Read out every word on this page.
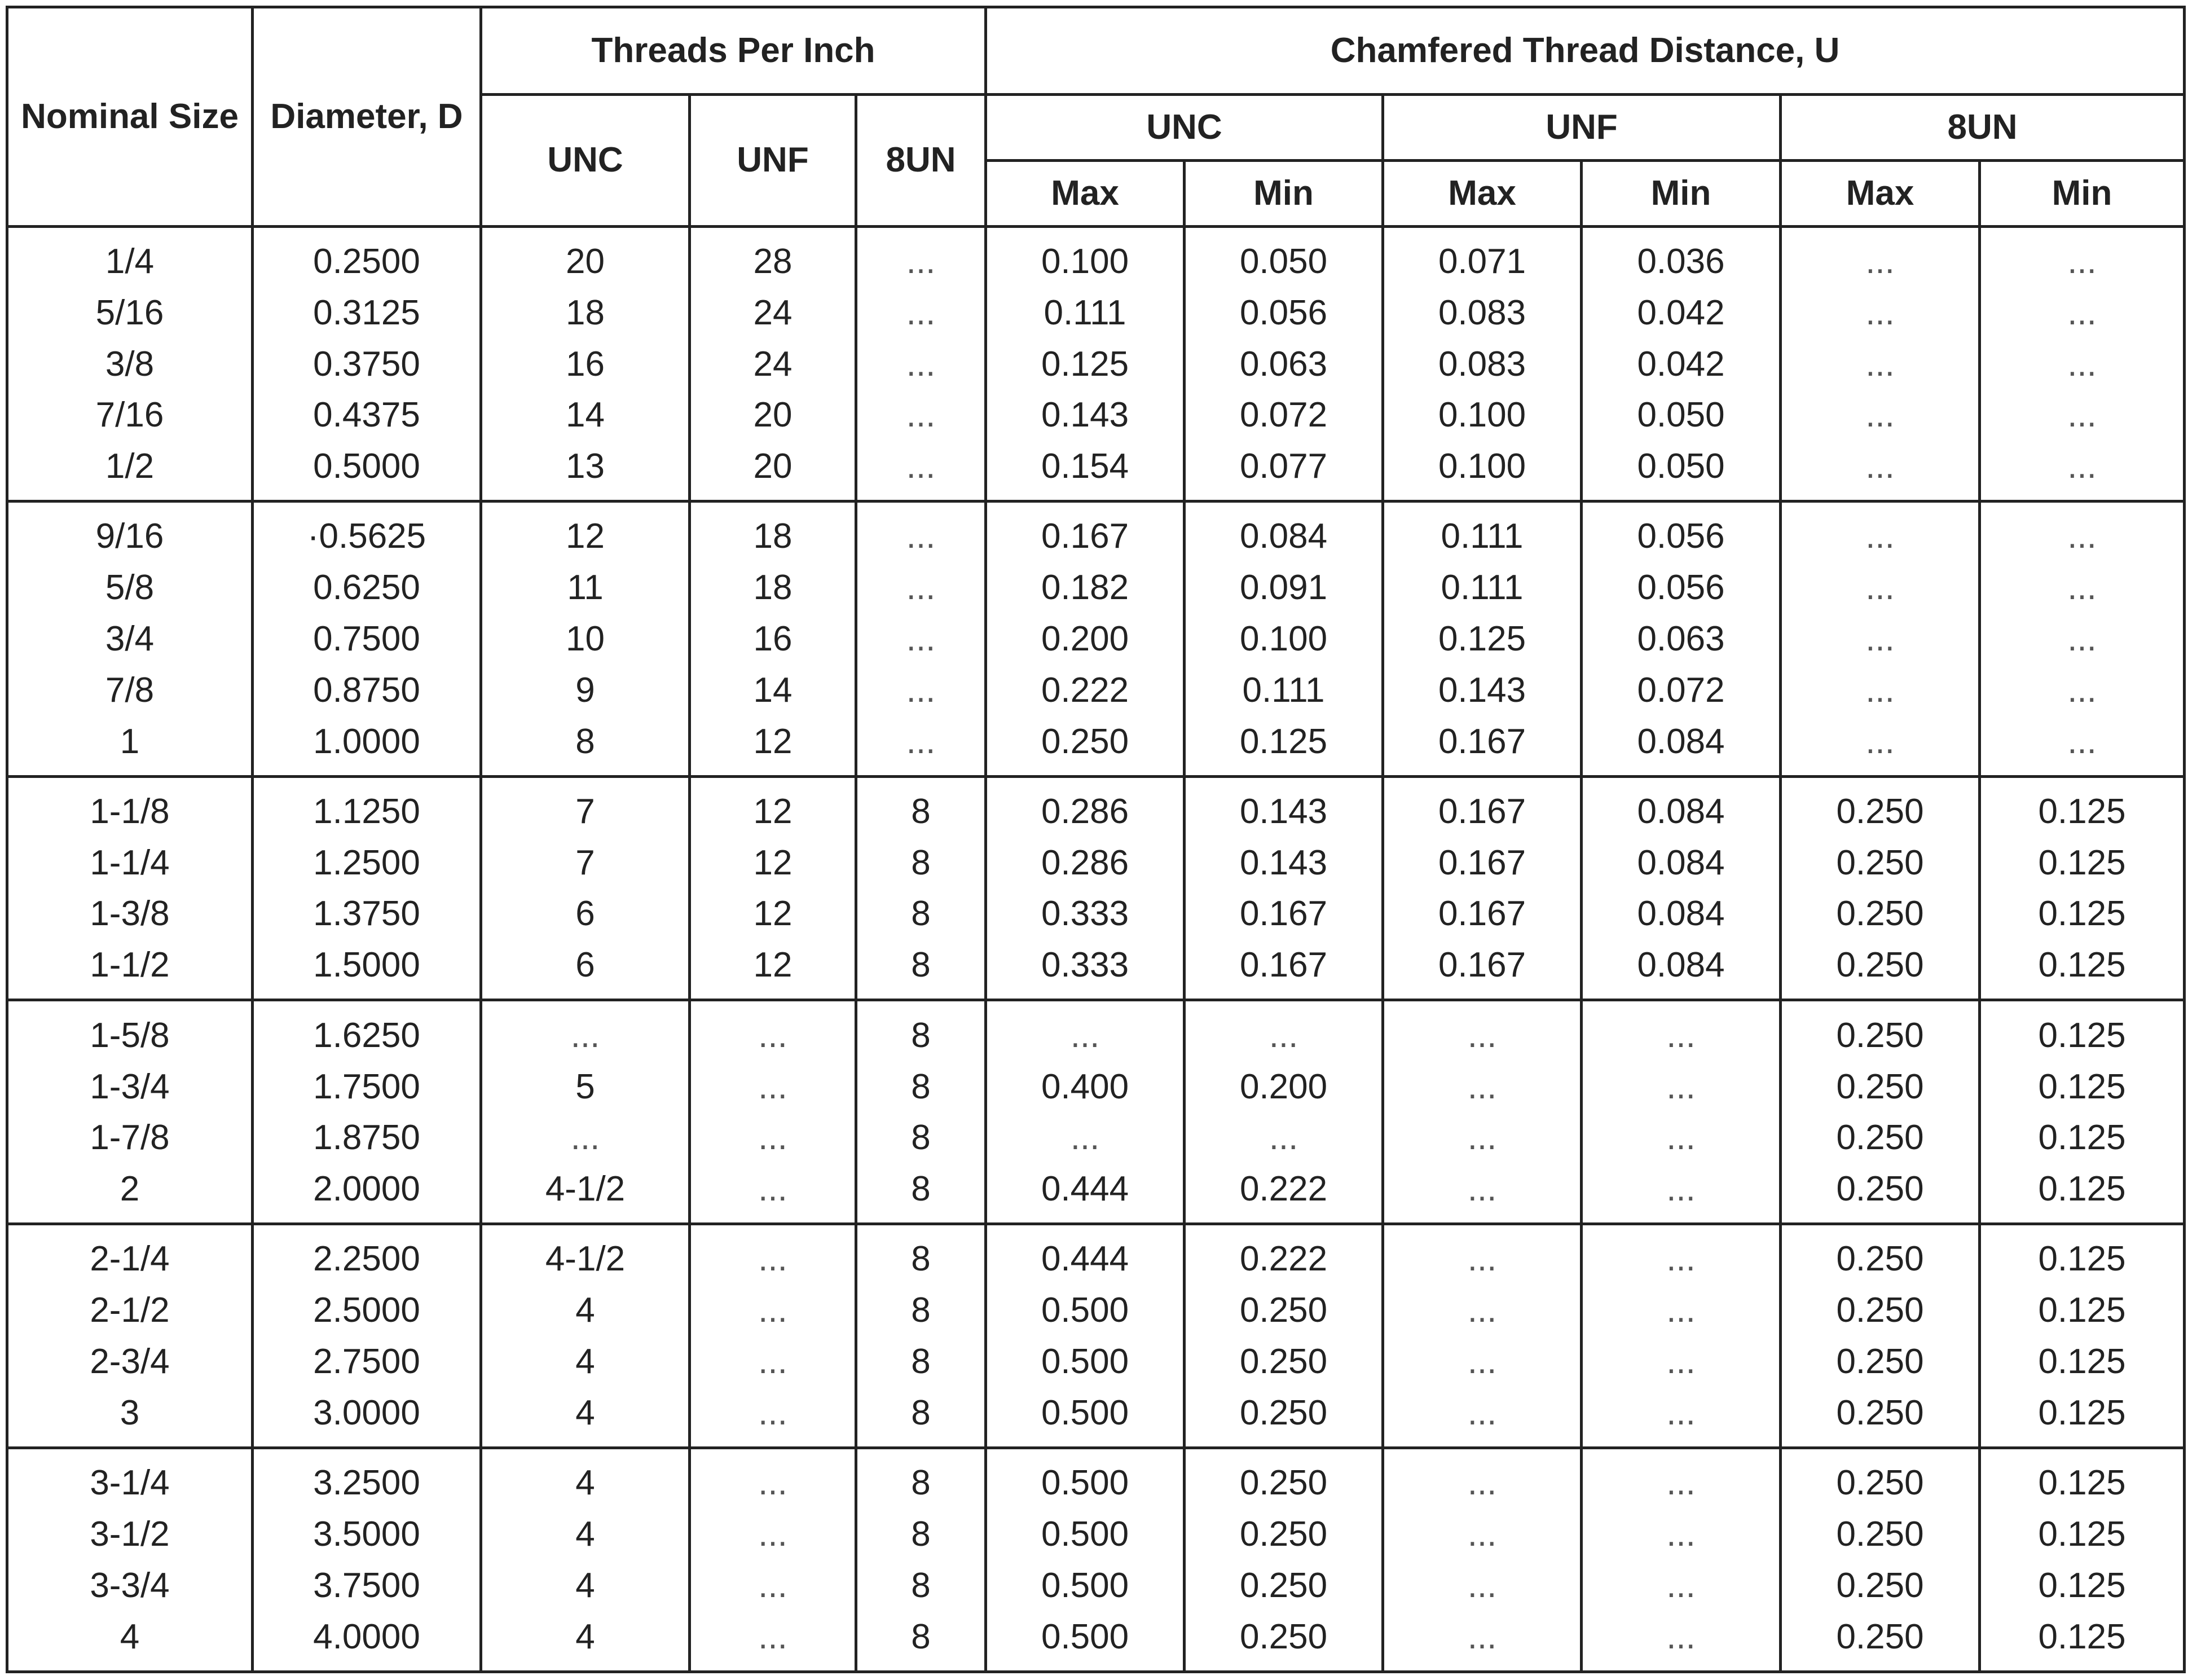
Nominal Size	Diameter, D	Threads Per Inch			Chamfered Thread Distance, U					
		UNC	UNF	8UN	UNC		UNF		8UN	
					Max	Min	Max	Min	Max	Min
1/4	0.2500	20	28	...	0.100	0.050	0.071	0.036	...	...
5/16	0.3125	18	24	...	0.111	0.056	0.083	0.042	...	...
3/8	0.3750	16	24	...	0.125	0.063	0.083	0.042	...	...
7/16	0.4375	14	20	...	0.143	0.072	0.100	0.050	...	...
1/2	0.5000	13	20	...	0.154	0.077	0.100	0.050	...	...
9/16	·0.5625	12	18	...	0.167	0.084	0.111	0.056	...	...
5/8	0.6250	11	18	...	0.182	0.091	0.111	0.056	...	...
3/4	0.7500	10	16	...	0.200	0.100	0.125	0.063	...	...
7/8	0.8750	9	14	...	0.222	0.111	0.143	0.072	...	...
1	1.0000	8	12	...	0.250	0.125	0.167	0.084	...	...
1-1/8	1.1250	7	12	8	0.286	0.143	0.167	0.084	0.250	0.125
1-1/4	1.2500	7	12	8	0.286	0.143	0.167	0.084	0.250	0.125
1-3/8	1.3750	6	12	8	0.333	0.167	0.167	0.084	0.250	0.125
1-1/2	1.5000	6	12	8	0.333	0.167	0.167	0.084	0.250	0.125
1-5/8	1.6250	...	...	8	...	...	...	...	0.250	0.125
1-3/4	1.7500	5	...	8	0.400	0.200	...	...	0.250	0.125
1-7/8	1.8750	...	...	8	...	...	...	...	0.250	0.125
2	2.0000	4-1/2	...	8	0.444	0.222	...	...	0.250	0.125
2-1/4	2.2500	4-1/2	...	8	0.444	0.222	...	...	0.250	0.125
2-1/2	2.5000	4	...	8	0.500	0.250	...	...	0.250	0.125
2-3/4	2.7500	4	...	8	0.500	0.250	...	...	0.250	0.125
3	3.0000	4	...	8	0.500	0.250	...	...	0.250	0.125
3-1/4	3.2500	4	...	8	0.500	0.250	...	...	0.250	0.125
3-1/2	3.5000	4	...	8	0.500	0.250	...	...	0.250	0.125
3-3/4	3.7500	4	...	8	0.500	0.250	...	...	0.250	0.125
4	4.0000	4	...	8	0.500	0.250	...	...	0.250	0.125
